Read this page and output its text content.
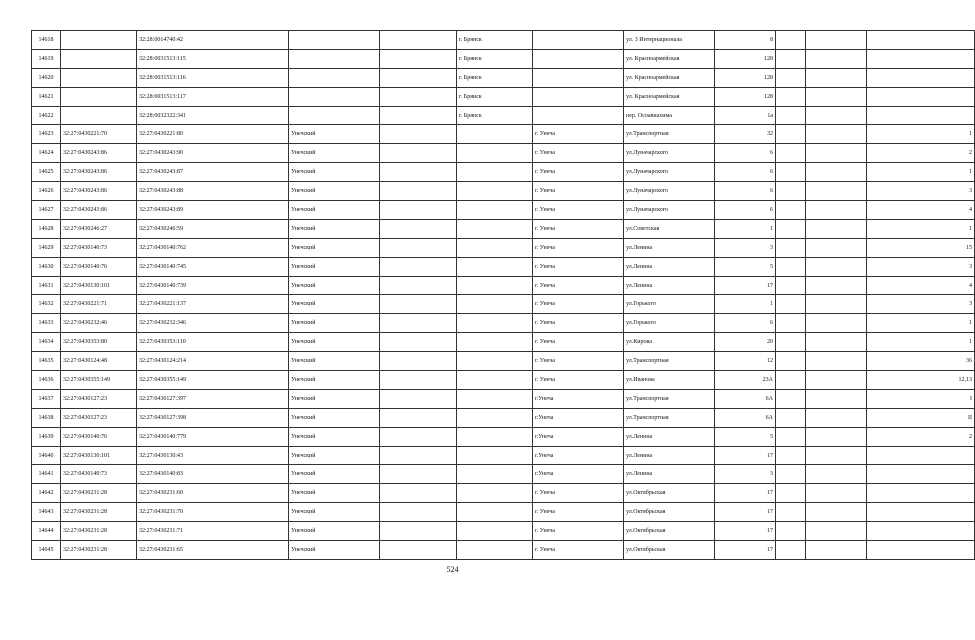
14618		32:28:0014740:42			г. Брянск		ул. 3 Интернационала	8			
14619		32:28:0031513:115			г. Брянск		ул. Красноармейская	128			
14620		32:28:0031513:116			г. Брянск		ул. Красноармейская	128			
14621		32:28:0031513:117			г. Брянск		ул. Красноармейская	128			
14622		32:28:0032322:341			г. Брянск		пер. Осоавиахима	1а			
14623	32:27:0430221:70	32:27:0430221:80	Унечский			г. Унеча	ул.Транспортная	32			1
14624	32:27:0430243:86	32:27:0430243:90	Унечский			г. Унеча	ул.Луначарского	6			2
14625	32:27:0430243:86	32:27:0430243:87	Унечский			г. Унеча	ул.Луначарского	6			1
14626	32:27:0430243:86	32:27:0430243:88	Унечский			г. Унеча	ул.Луначарского	6			3
14627	32:27:0430243:86	32:27:0430243:89	Унечский			г. Унеча	ул.Луначарского	6			4
14628	32:27:0430246:27	32:27:0430246:59	Унечский			г. Унеча	ул.Советская	1			1
14629	32:27:0430140:73	32:27:0430140:762	Унечский			г. Унеча	ул.Ленина	3			15
14630	32:27:0430140:76	32:27:0430140:745	Унечский			г. Унеча	ул.Ленина	5			3
14631	32:27:0430130:101	32:27:0430140:739	Унечский			г. Унеча	ул.Ленина	17			4
14632	32:27:0430221:71	32:27:0430221:137	Унечский			г. Унеча	ул.Горького	1			3
14633	32:27:0430232:46	32:27:0430232:346	Унечский			г. Унеча	ул.Горького	6			1
14634	32:27:0430353:80	32:27:0430353:110	Унечский			г. Унеча	ул.Кирова	20			1
14635	32:27:0430124:48	32:27:0430124:214	Унечский			г. Унеча	ул.Транспортная	12			36
14636	32:27:0430355:149	32:27:0430355:149	Унечский			г. Унеча	ул.Иванова	23А			12,13
14637	32:27:0430127:23	32:27:0430127:397	Унечский			г.Унеча	ул.Транспортная	6А			I
14638	32:27:0430127:23	32:27:0430127:398	Унечский			г.Унеча	ул.Транспортная	6А			II
14639	32:27:0430140:76	32:27:0430140:779	Унечский			г.Унеча	ул.Ленина	5			2
14640	32:27:0430130:101	32:27:0430130:43	Унечский			г.Унеча	ул.Ленина	17			
14641	32:27:0430140:73	32:27:0430140:83	Унечский			г.Унеча	ул.Ленина	3			
14642	32:27:0430231:28	32:27:0430231:60	Унечский			г. Унеча	ул.Октябрьская	17			
14643	32:27:0430231:28	32:27:0430231:70	Унечский			г. Унеча	ул.Октябрьская	17			
14644	32:27:0430231:28	32:27:0430231:71	Унечский			г. Унеча	ул.Октябрьская	17			
14645	32:27:0430231:28	32:27:0430231:65	Унечский			г. Унеча	ул.Октябрьская	17			
524
